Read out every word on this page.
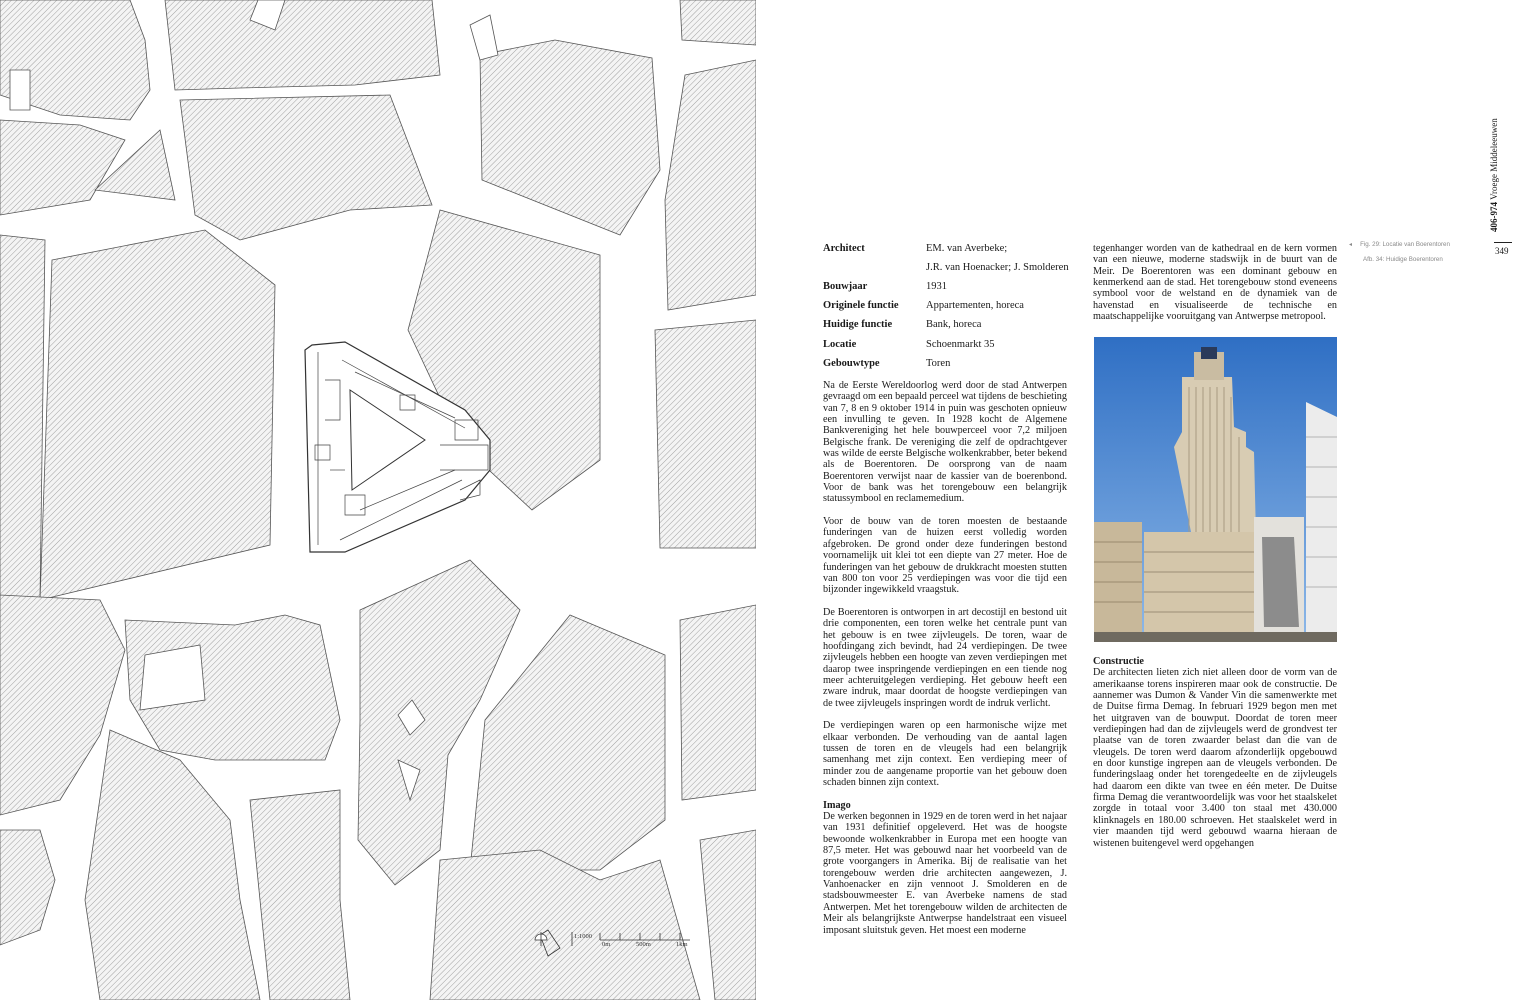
1:1000
0m	500m	1km
Architect	EM. van Averbeke;
J.R. van Hoenacker; J. Smolderen
Bouwjaar	1931
Originele functie	Appartementen, horeca
Huidige functie	Bank, horeca
Locatie	Schoenmarkt 35
Gebouwtype	Toren

Na de Eerste Wereldoorlog werd door de stad Antwerpen gevraagd om een bepaald perceel wat tijdens de beschieting van 7, 8 en 9 oktober 1914 in puin was geschoten opnieuw een invulling te geven. In 1928 kocht de Algemene Bankvereniging het hele bouwperceel voor 7,2 miljoen Belgische frank. De vereniging die zelf de opdrachtgever was wilde de eerste Belgische wolkenkrabber, beter bekend als de Boerentoren. De oorsprong van de naam Boerentoren verwijst naar de kassier van de boerenbond. Voor de bank was het torengebouw een belangrijk statussymbool en reclamemedium.

Voor de bouw van de toren moesten de bestaande funderingen van de huizen eerst volledig worden afgebroken. De grond onder deze funderingen bestond voornamelijk uit klei tot een diepte van 27 meter. Hoe de funderingen van het gebouw de drukkracht moesten stutten van 800 ton voor 25 verdiepingen was voor die tijd een bijzonder ingewikkeld vraagstuk.

De Boerentoren is ontworpen in art decostijl en bestond uit drie componenten, een toren welke het centrale punt van het gebouw is en twee zijvleugels. De toren, waar de hoofdingang zich bevindt, had 24 verdiepingen. De twee zijvleugels hebben een hoogte van zeven verdiepingen met daarop twee inspringende verdiepingen en een tiende nog meer achteruitgelegen verdieping. Het gebouw heeft een zware indruk, maar doordat de hoogste verdiepingen van de twee zijvleugels inspringen wordt de indruk verlicht.

De verdiepingen waren op een harmonische wijze met elkaar verbonden. De verhouding van de aantal lagen tussen de toren en de vleugels had een belangrijk samenhang met zijn context. Een verdieping meer of minder zou de aangename proportie van het gebouw doen schaden binnen zijn context.

Imago

De werken begonnen in 1929 en de toren werd in het najaar van 1931 definitief opgeleverd. Het was de hoogste bewoonde wolkenkrabber in Europa met een hoogte van 87,5 meter. Het was gebouwd naar het voorbeeld van de grote voorgangers in Amerika. Bij de realisatie van het torengebouw werden drie architecten aangewezen, J. Vanhoenacker en zijn vennoot J. Smolderen en de stadsbouwmeester E. van Averbeke namens de stad Antwerpen. Met het torengebouw wilden de architecten de Meir als belangrijkste Antwerpse handelstraat een visueel imposant sluitstuk geven. Het moest een moderne

tegenhanger worden van de kathedraal en de kern vormen van een nieuwe, moderne stadswijk in de buurt van de Meir. De Boerentoren was een dominant gebouw en kenmerkend aan de stad. Het torengebouw stond eveneens symbool voor de welstand en de dynamiek van de havenstad en visualiseerde de technische en maatschappelijke vooruitgang van Antwerpse metropool.

Constructie

De architecten lieten zich niet alleen door de vorm van de amerikaanse torens inspireren maar ook de constructie. De aannemer was Dumon & Vander Vin die samenwerkte met de Duitse firma Demag. In februari 1929 begon men met het uitgraven van de bouwput. Doordat de toren meer verdiepingen had dan de zijvleugels werd de grondvest ter plaatse van de toren zwaarder belast dan die van de vleugels. De toren werd daarom afzonderlijk opgebouwd en door kunstige ingrepen aan de vleugels verbonden. De funderingslaag onder het torengedeelte en de zijvleugels had daarom een dikte van twee en één meter. De Duitse firma Demag die verantwoordelijk was voor het staalskelet zorgde in totaal voor 3.400 ton staal met 430.000 klinknagels en 180.00 schroeven. Het staalskelet werd in vier maanden tijd werd gebouwd waarna hieraan de wistenen buitengevel werd opgehangen

◂ Fig. 29: Locatie van Boerentoren
Afb. 34: Huidige Boerentoren
406-974 Vroege Middeleeuwen
349
